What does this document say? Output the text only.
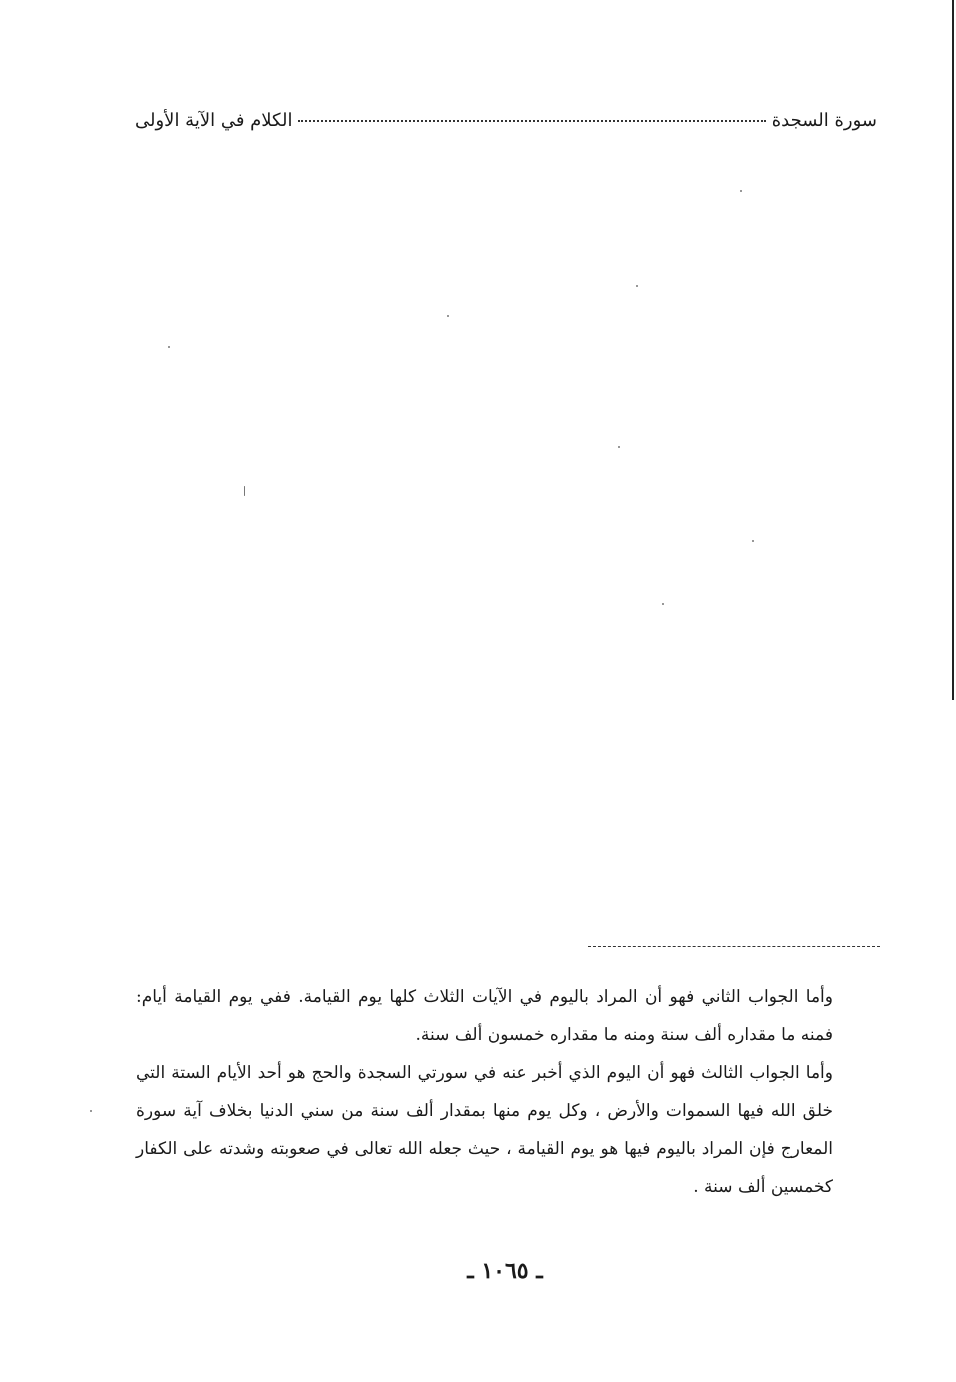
سورة السجدة
الكلام في الآية الأولى

وأما الجواب الثاني فهو أن المراد باليوم في الآيات الثلاث كلها يوم القيامة. ففي يوم القيامة أيام: فمنه ما مقداره ألف سنة ومنه ما مقداره خمسون ألف سنة.

وأما الجواب الثالث فهو أن اليوم الذي أخبر عنه في سورتي السجدة والحج هو أحد الأيام الستة التي خلق الله فيها السموات والأرض ، وكل يوم منها بمقدار ألف سنة من سني الدنيا بخلاف آية سورة المعارج فإن المراد باليوم فيها هو يوم القيامة ، حيث جعله الله تعالى في صعوبته وشدته على الكفار كخمسين ألف سنة .

ـ ١٠٦٥ ـ
